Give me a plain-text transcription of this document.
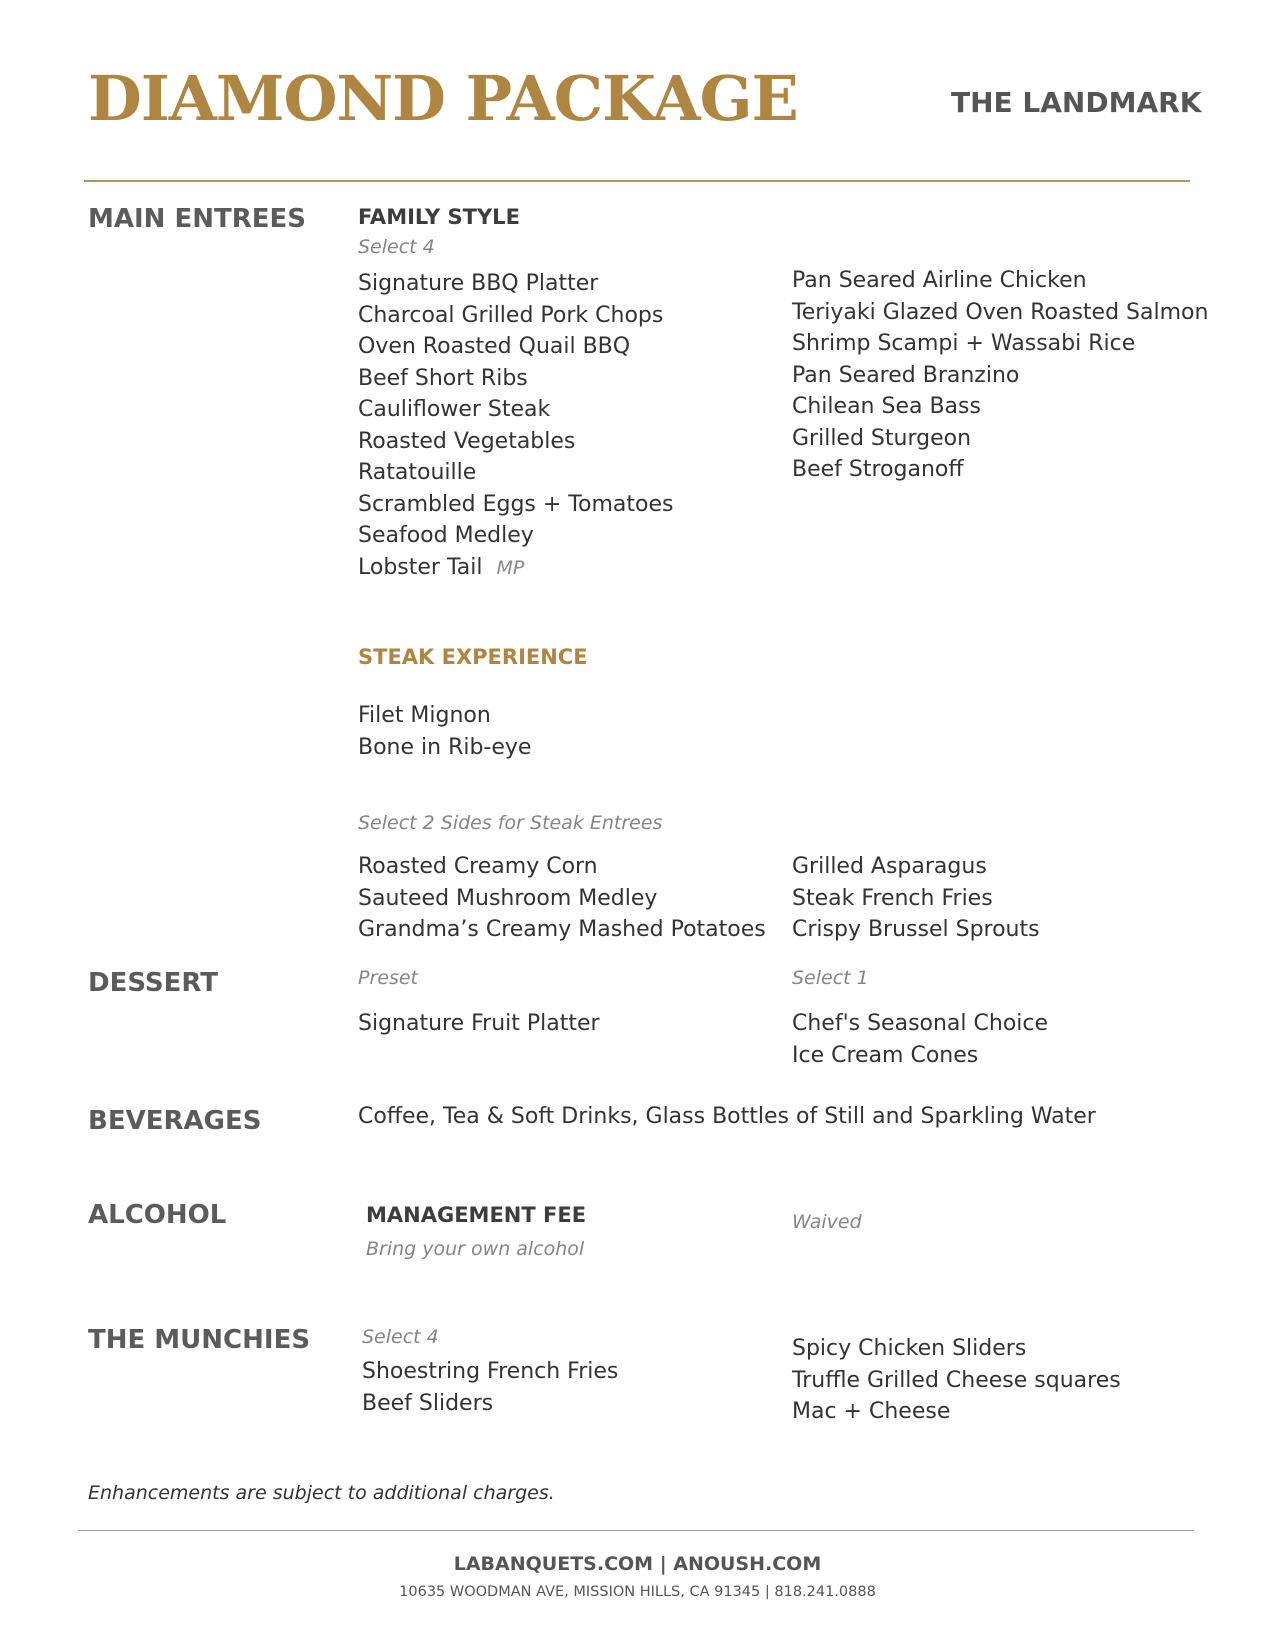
DIAMOND PACKAGE	THE LANDMARK
MAIN ENTREES FAMILY STYLE
Select 4
Signature BBQ Platter
Charcoal Grilled Pork Chops
Oven Roasted Quail BBQ
Beef Short Ribs
Cauliflower Steak
Roasted Vegetables
Ratatouille
Scrambled Eggs + Tomatoes
Seafood Medley
Lobster Tail MP
Pan Seared Airline Chicken
Teriyaki Glazed Oven Roasted Salmon
Shrimp Scampi + Wassabi Rice
Pan Seared Branzino
Chilean Sea Bass
Grilled Sturgeon
Beef Stroganoff
STEAK EXPERIENCE
Filet Mignon
Bone in Rib-eye
Select 2 Sides for Steak Entrees
Roasted Creamy Corn
Sauteed Mushroom Medley
Grandma’s Creamy Mashed Potatoes
Grilled Asparagus
Steak French Fries
Crispy Brussel Sprouts
DESSERT	Preset
Signature Fruit Platter
Select 1
Chef's Seasonal Choice
Ice Cream Cones
BEVERAGES	Coffee, Tea & Soft Drinks, Glass Bottles of Still and Sparkling Water
ALCOHOL	MANAGEMENT FEE
Bring your own alcohol
Waived
THE MUNCHIES	Select 4
Shoestring French Fries
Beef Sliders
Spicy Chicken Sliders
Truffle Grilled Cheese squares
Mac + Cheese
Enhancements are subject to additional charges.
LABANQUETS.COM | ANOUSH.COM
10635 WOODMAN AVE, MISSION HILLS, CA 91345 | 818.241.0888
